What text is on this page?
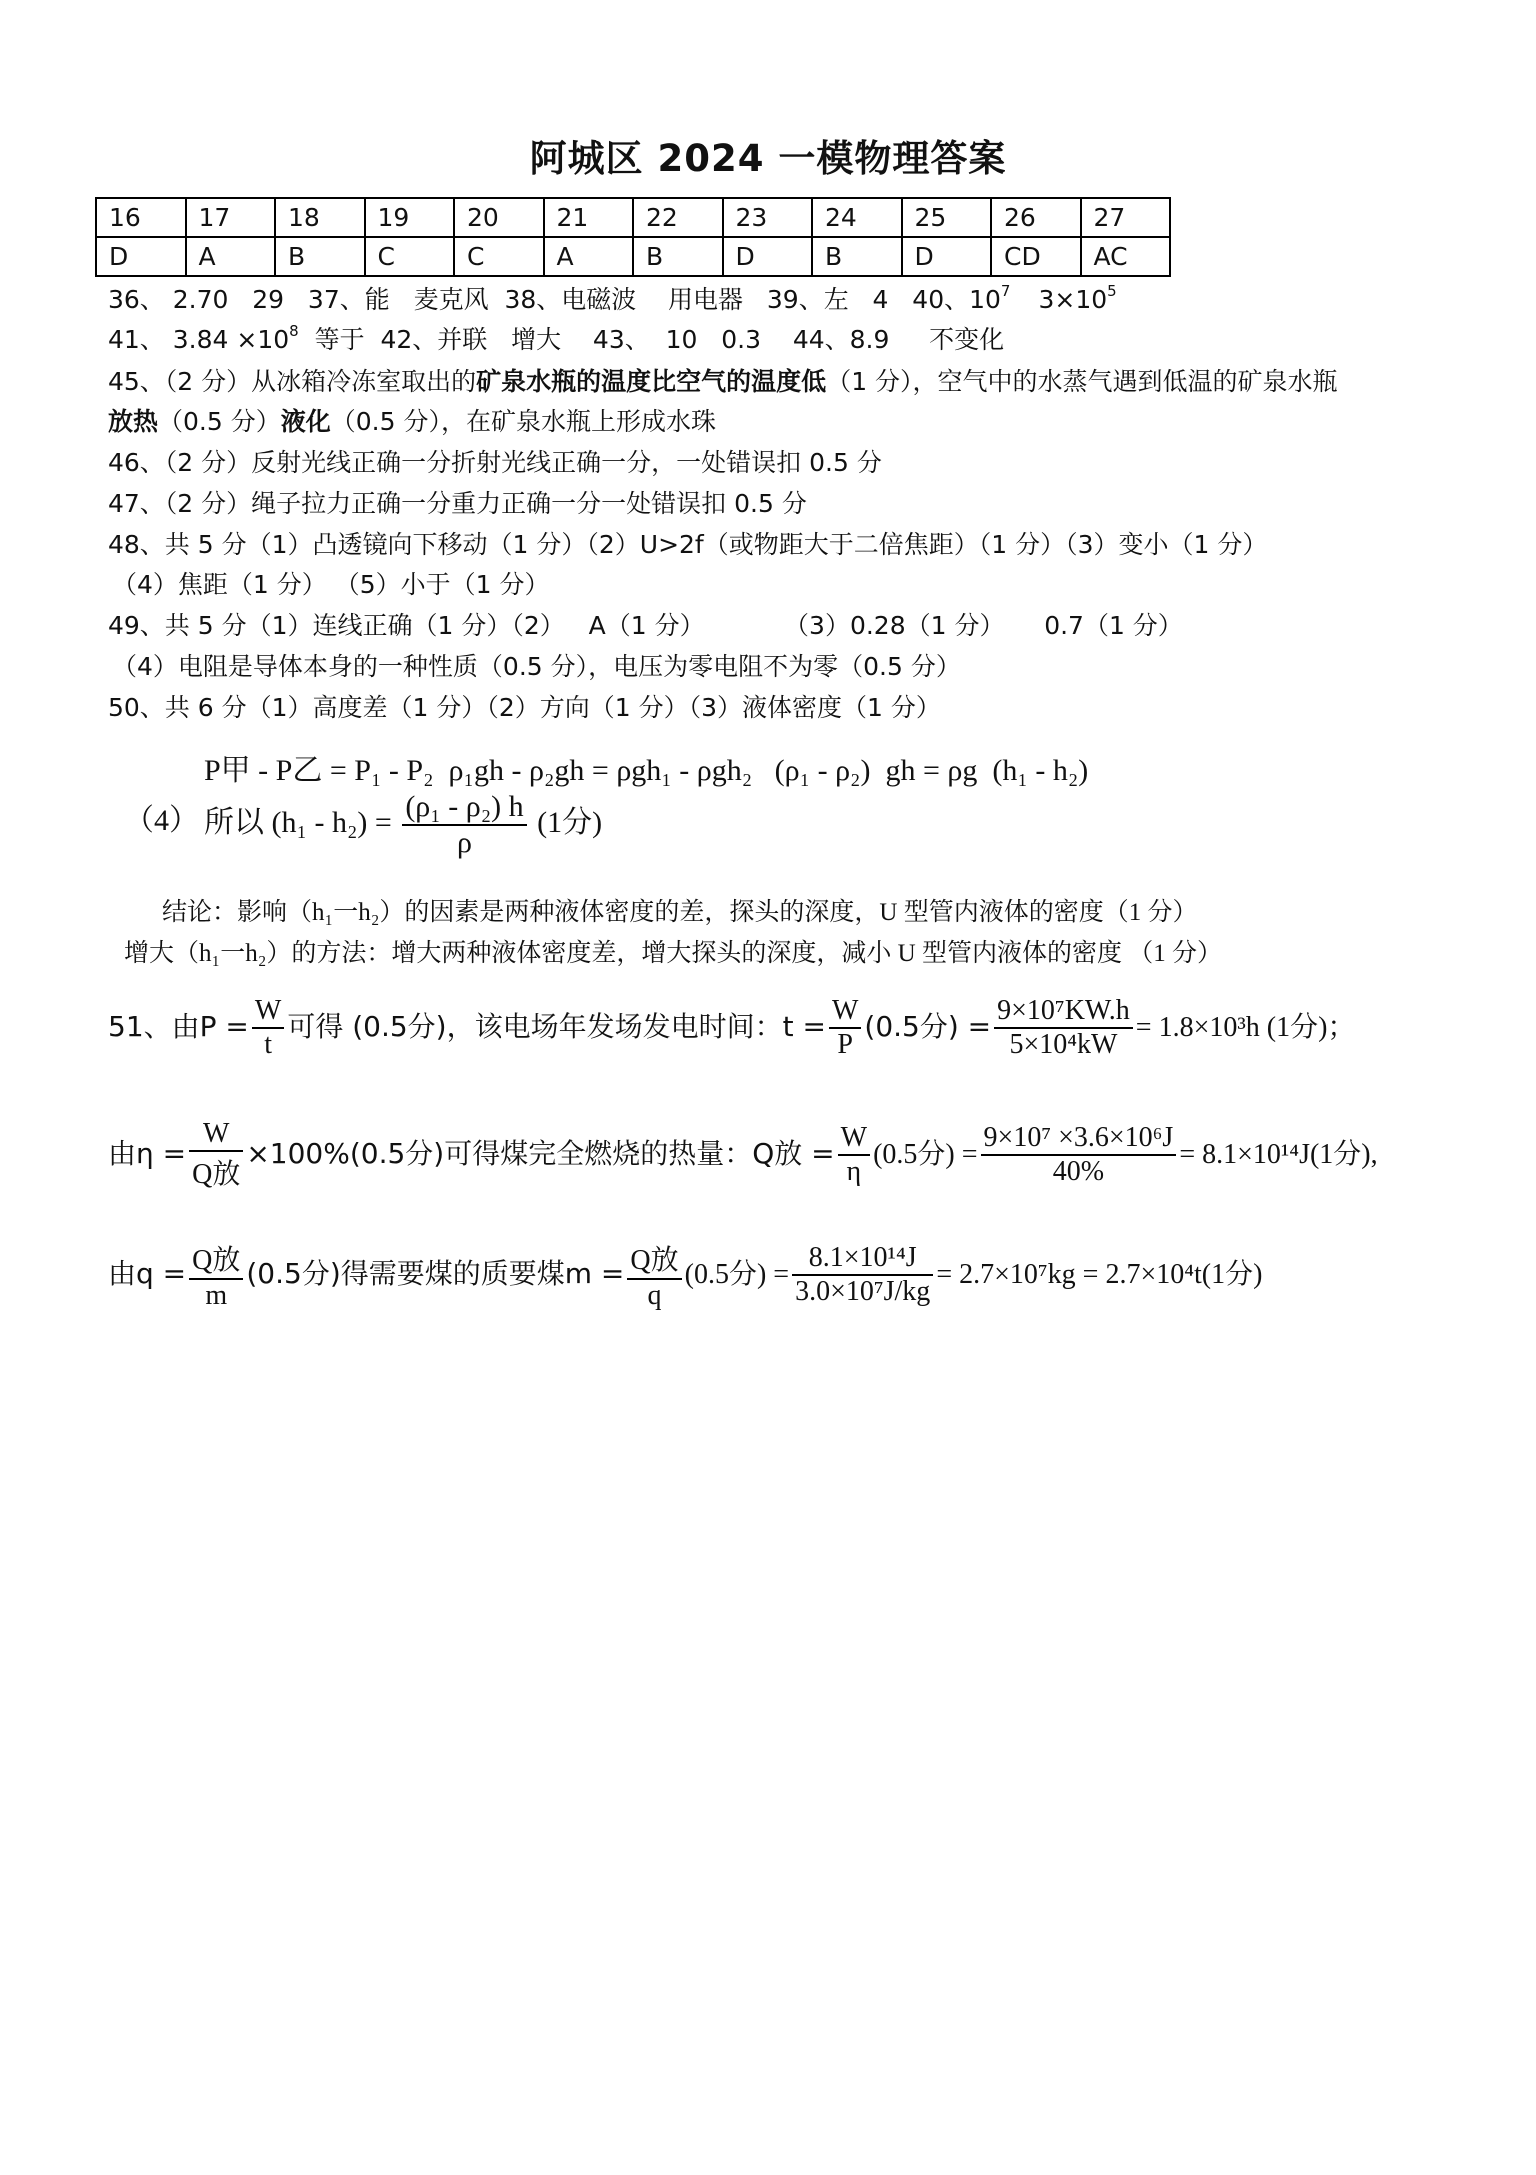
阿城区 2024 一模物理答案
16	17	18	19	20	21	22	23	24	25	26	27
D	A	B	C	C	A	B	D	B	D	CD	AC
36、 2.70   29   37、能   麦克风  38、电磁波    用电器   39、左   4   40、$10^7$ $3\times 10^5$
41、 $3.84 \times 10^8$  等于  42、并联   增大    43、  10   0.3    44、8.9     不变化
45、（2 分）从冰箱冷冻室取出的矿泉水瓶的温度比空气的温度低（1 分），空气中的水蒸气遇到低温的矿泉水瓶
放热（0.5 分）液化（0.5 分），在矿泉水瓶上形成水珠
46、（2 分）反射光线正确一分折射光线正确一分，一处错误扣 0.5 分
47、（2 分）绳子拉力正确一分重力正确一分一处错误扣 0.5 分
48、共 5 分（1）凸透镜向下移动（1 分）（2）U>2f（或物距大于二倍焦距）（1 分）（3）变小（1 分）
（4）焦距（1 分） （5）小于（1 分）
49、共 5 分（1）连线正确（1 分）（2）   A（1 分）          （3）0.28（1 分）     0.7（1 分）
（4）电阻是导体本身的一种性质（0.5 分），电压为零电阻不为零（0.5 分）
50、共 6 分（1）高度差（1 分）（2）方向（1 分）（3）液体密度（1 分）
（4）
P甲 - P乙 = P₁ - P₂  ρ₁gh - ρ₂gh = ρgh₁ - ρgh₂   (ρ₁ - ρ₂)  gh = ρg  (h₁ - h₂)
所以 $(h_1 - h_2) = \frac{\text{(ρ₁ - ρ₂) h}}{\rho} (1$分)
结论：影响（h₁一h₂）的因素是两种液体密度的差，探头的深度，U 型管内液体的密度（1 分）
增大（h₁一h₂）的方法：增大两种液体密度差，增大探头的深度，减小 U 型管内液体的密度 （1 分）
51、由$P = \frac{W}{t}$ 可得 (0.5分)，该电场年发场发电时间：$t = \frac{W}{P} (0.5$分) = $\frac{\text{9×10⁷KW.h}}{\text{5×10⁴kW}} = 1.8\times 10^3h$ (1分)；
由$\eta = \frac{W}{\text{Q放}} \times 100\%(0.5$分)可得煤完全燃烧的热量：Q放 = $\frac{W}{\eta} (0.5$分) = $\frac{\text{9×10⁷ ×3.6×10⁶J}}{40\%} = 8.1\times 10^{14}J(1$分),
由$q = \frac{\text{Q放}}{m} (0.5$分)得需要煤的质要煤$m = \frac{\text{Q放}}{q} (0.5$分) = $\frac{\text{8.1×10¹⁴J}}{\text{3.0×10⁷J/kg}} = 2.7\times 10^7kg = 2.7\times 10^4t(1$分)
